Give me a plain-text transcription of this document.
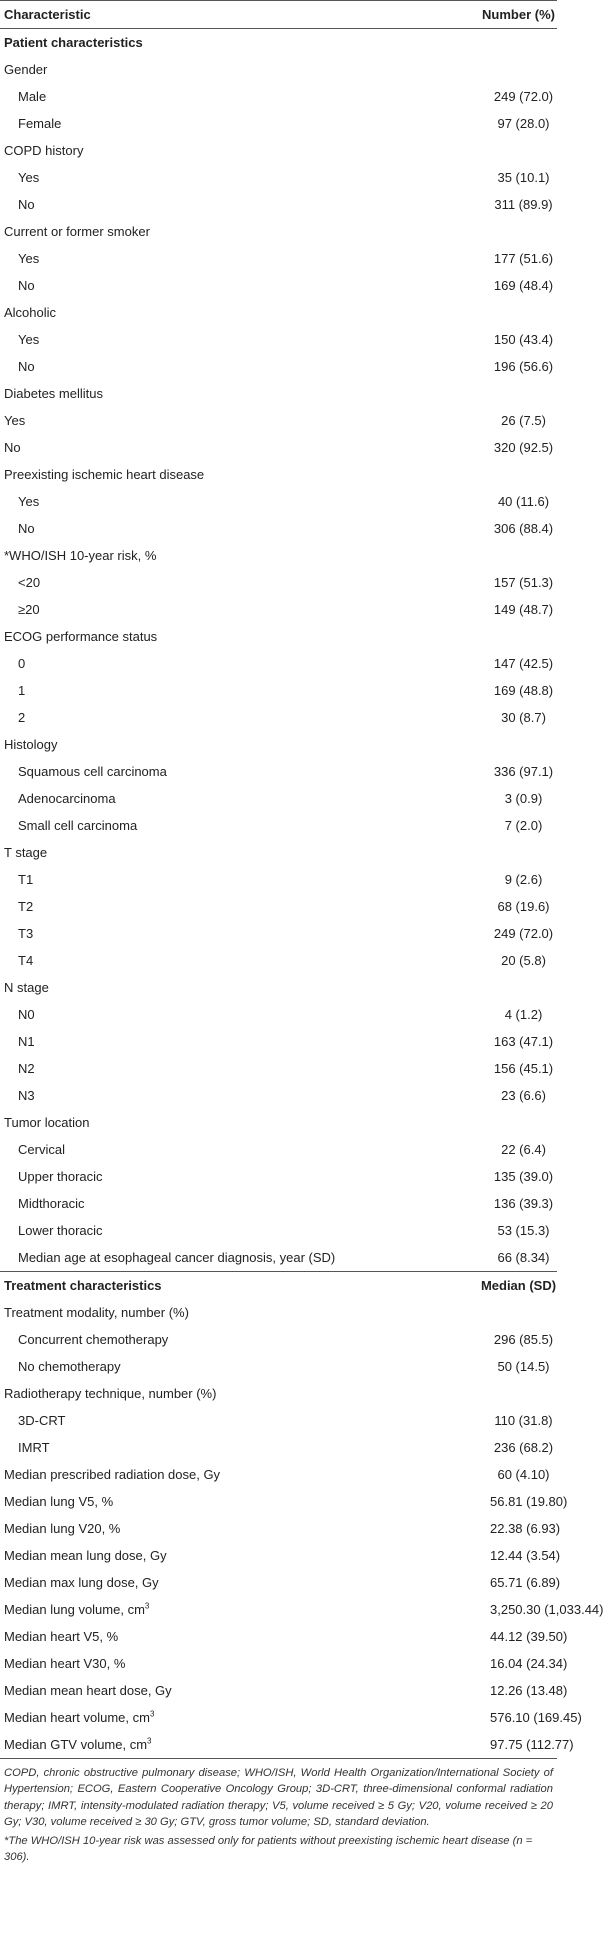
Characteristic	Number (%)
Patient characteristics	
Gender	
Male	249 (72.0)
Female	97 (28.0)
COPD history	
Yes	35 (10.1)
No	311 (89.9)
Current or former smoker	
Yes	177 (51.6)
No	169 (48.4)
Alcoholic	
Yes	150 (43.4)
No	196 (56.6)
Diabetes mellitus	
Yes	26 (7.5)
No	320 (92.5)
Preexisting ischemic heart disease	
Yes	40 (11.6)
No	306 (88.4)
*WHO/ISH 10-year risk, %	
<20	157 (51.3)
≥20	149 (48.7)
ECOG performance status	
0	147 (42.5)
1	169 (48.8)
2	30 (8.7)
Histology	
Squamous cell carcinoma	336 (97.1)
Adenocarcinoma	3 (0.9)
Small cell carcinoma	7 (2.0)
T stage	
T1	9 (2.6)
T2	68 (19.6)
T3	249 (72.0)
T4	20 (5.8)
N stage	
N0	4 (1.2)
N1	163 (47.1)
N2	156 (45.1)
N3	23 (6.6)
Tumor location	
Cervical	22 (6.4)
Upper thoracic	135 (39.0)
Midthoracic	136 (39.3)
Lower thoracic	53 (15.3)
Median age at esophageal cancer diagnosis, year (SD)	66 (8.34)
Treatment characteristics	Median (SD)
Treatment modality, number (%)	
Concurrent chemotherapy	296 (85.5)
No chemotherapy	50 (14.5)
Radiotherapy technique, number (%)	
3D-CRT	110 (31.8)
IMRT	236 (68.2)
Median prescribed radiation dose, Gy	60 (4.10)
Median lung V5, %	56.81 (19.80)
Median lung V20, %	22.38 (6.93)
Median mean lung dose, Gy	12.44 (3.54)
Median max lung dose, Gy	65.71 (6.89)
Median lung volume, $cm^3$	3,250.30 (1,033.44)
Median heart V5, %	44.12 (39.50)
Median heart V30, %	16.04 (24.34)
Median mean heart dose, Gy	12.26 (13.48)
Median heart volume, $cm^3$	576.10 (169.45)
Median GTV volume, $cm^3$	97.75 (112.77)
COPD, chronic obstructive pulmonary disease; WHO/ISH, World Health Organization/International Society of Hypertension; ECOG, Eastern Cooperative Oncology Group; 3D-CRT, three-dimensional conformal radiation therapy; IMRT, intensity-modulated radiation therapy; V5, volume received ≥ 5 Gy; V20, volume received ≥ 20 Gy; V30, volume received ≥ 30 Gy; GTV, gross tumor volume; SD, standard deviation.
*The WHO/ISH 10-year risk was assessed only for patients without preexisting ischemic heart disease (n = 306).
